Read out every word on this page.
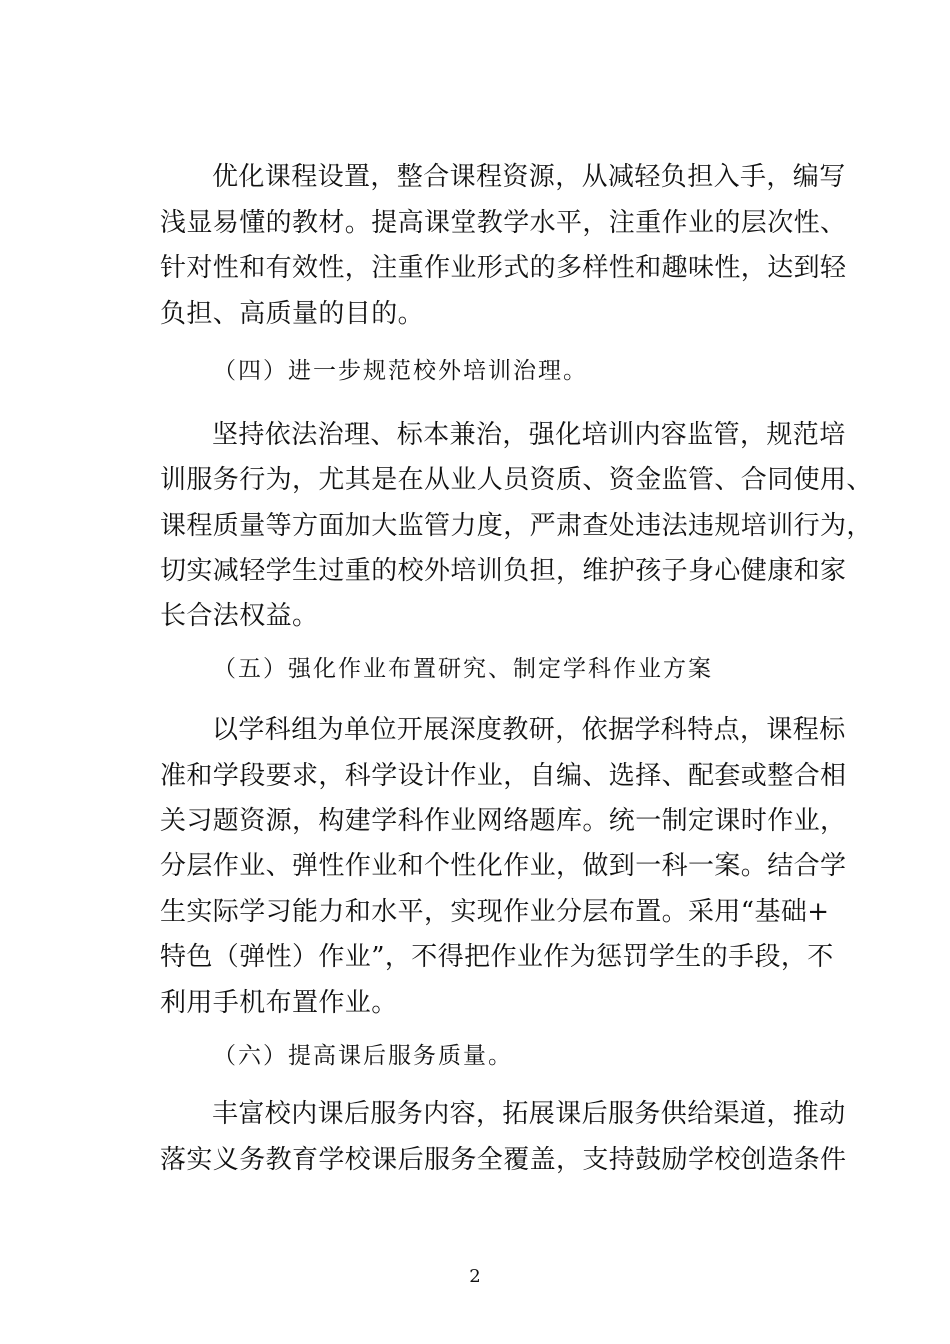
优化课程设置，整合课程资源，从减轻负担入手，编写
浅显易懂的教材。提高课堂教学水平，注重作业的层次性、
针对性和有效性，注重作业形式的多样性和趣味性，达到轻
负担、高质量的目的。
（四）进一步规范校外培训治理。
坚持依法治理、标本兼治，强化培训内容监管，规范培
训服务行为，尤其是在从业人员资质、资金监管、合同使用、
课程质量等方面加大监管力度，严肃查处违法违规培训行为，
切实减轻学生过重的校外培训负担，维护孩子身心健康和家
长合法权益。
（五）强化作业布置研究、制定学科作业方案
以学科组为单位开展深度教研，依据学科特点，课程标
准和学段要求，科学设计作业，自编、选择、配套或整合相
关习题资源，构建学科作业网络题库。统一制定课时作业，
分层作业、弹性作业和个性化作业，做到一科一案。结合学
生实际学习能力和水平，实现作业分层布置。采用“基础+
特色（弹性）作业”，不得把作业作为惩罚学生的手段，不
利用手机布置作业。
（六）提高课后服务质量。
丰富校内课后服务内容，拓展课后服务供给渠道，推动
落实义务教育学校课后服务全覆盖，支持鼓励学校创造条件
2
